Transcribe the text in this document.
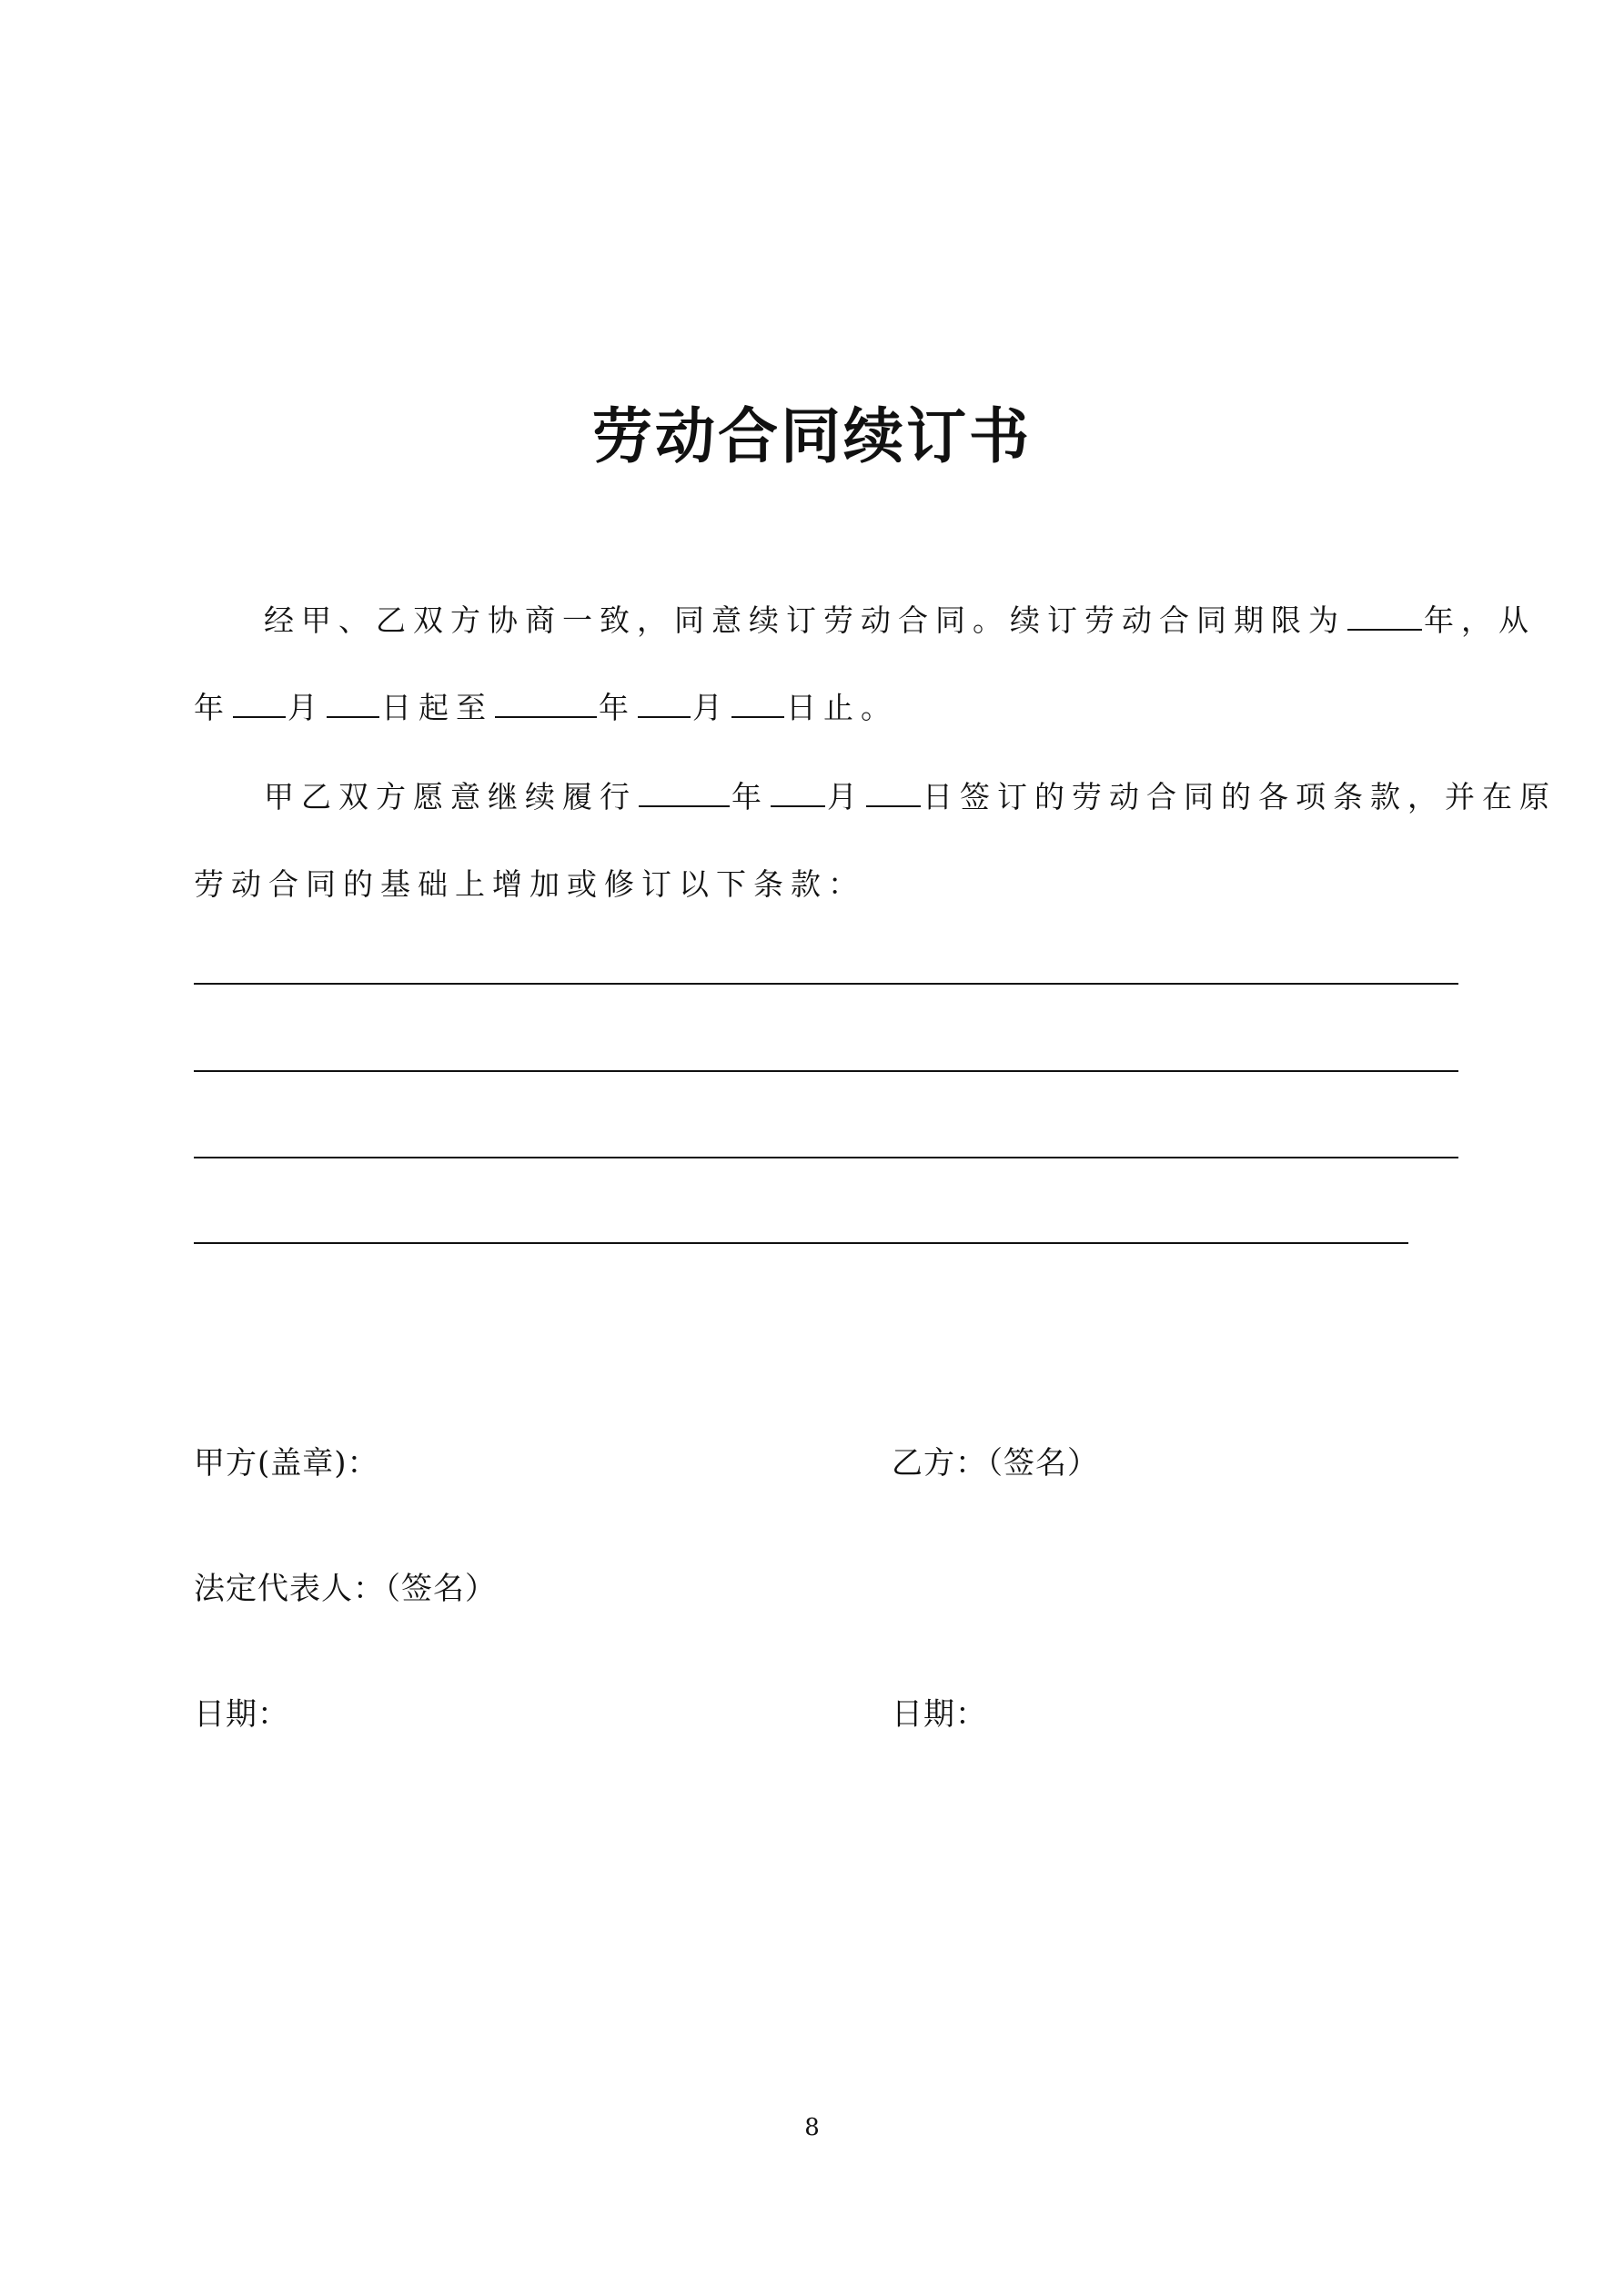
劳动合同续订书
经甲、乙双方协商一致，同意续订劳动合同。续订劳动合同期限为	年，从
年 月 日起至	年 月 日止。
甲乙双方愿意继续履行	年 月 日签订的劳动合同的各项条款，并在原
劳动合同的基础上增加或修订以下条款：
甲方(盖章)：	乙方：（签名）
法定代表人：（签名）
日期：	日期：
8
